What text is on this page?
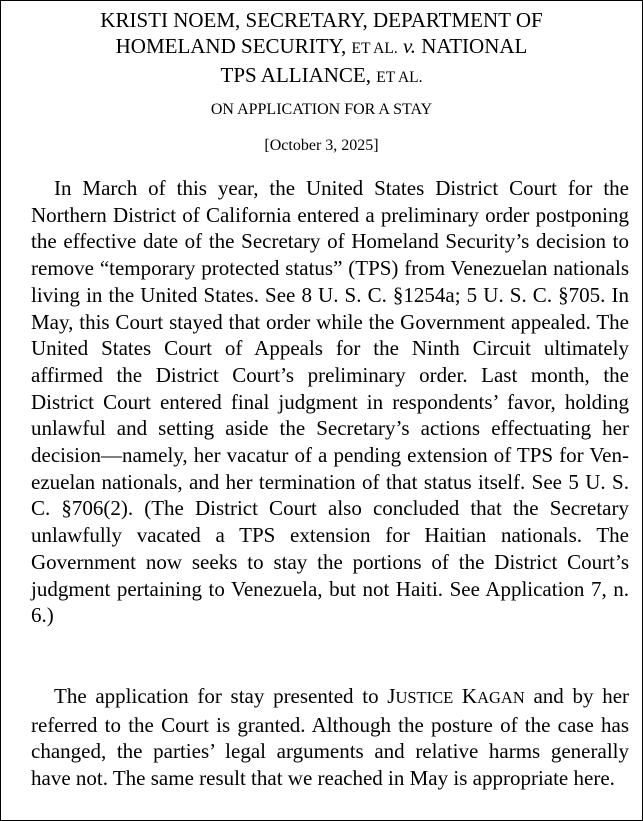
KRISTI NOEM, SECRETARY, DEPARTMENT OF
HOMELAND SECURITY, ET AL. v. NATIONAL
TPS ALLIANCE, ET AL.
ON APPLICATION FOR A STAY
[October 3, 2025]

In March of this year, the United States District Court for the Northern District of California entered a preliminary order postponing the effective date of the Secretary of Homeland Security’s decision to remove “temporary protected status” (TPS) from Venezuelan nationals living in the United States. See 8 U. S. C. §1254a; 5 U. S. C. §705. In May, this Court stayed that order while the Government appealed. The United States Court of Appeals for the Ninth Circuit ultimately affirmed the District Court’s preliminary order. Last month, the District Court entered final judgment in respondents’ favor, holding unlawful and setting aside the Secretary’s actions effectuating her decision—namely, her vacatur of a pending extension of TPS for Venezuelan nationals, and her termination of that status itself. See 5 U. S. C. §706(2). (The District Court also concluded that the Secretary unlawfully vacated a TPS extension for Haitian nationals. The Government now seeks to stay the portions of the District Court’s judgment pertaining to Venezuela, but not Haiti. See Application 7, n. 6.)

The application for stay presented to JUSTICE KAGAN and by her referred to the Court is granted. Although the posture of the case has changed, the parties’ legal arguments and relative harms generally have not. The same result that we reached in May is appropriate here.
